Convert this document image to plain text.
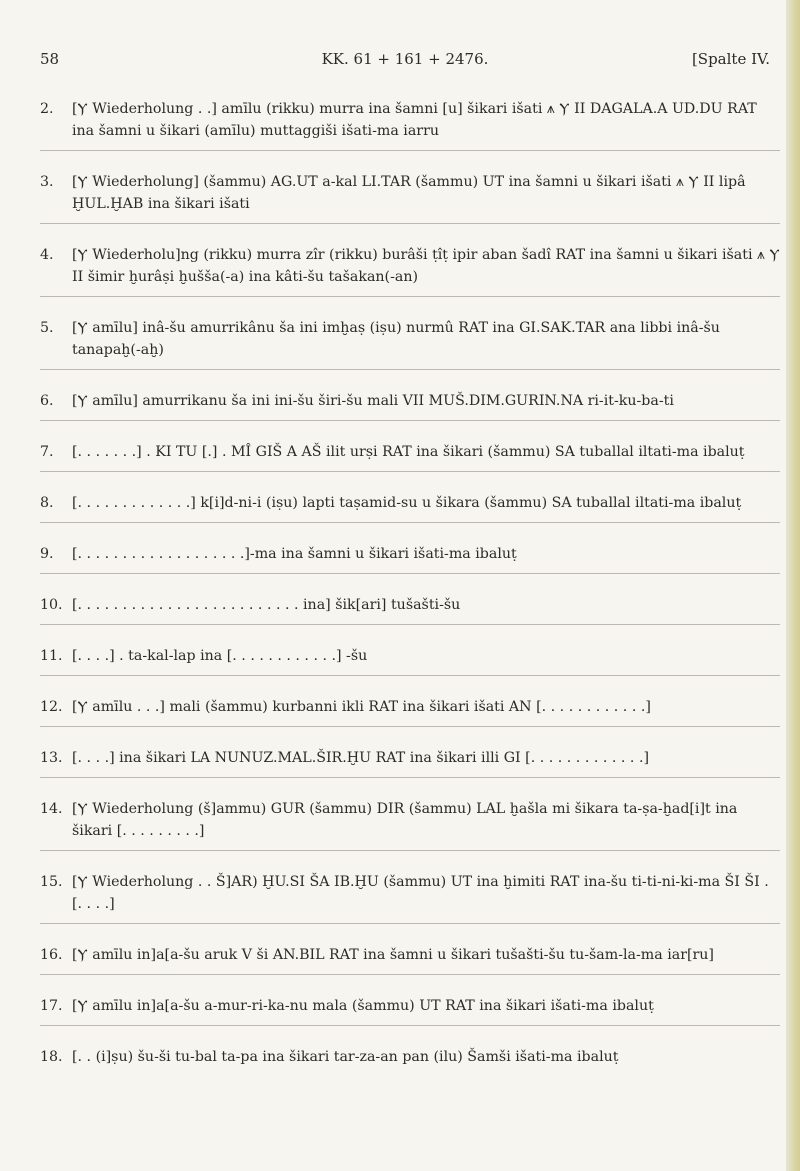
58	KK. 61 + 161 + 2476.	[Spalte IV.
2.	[Ⲩ Wiederholung . .] amīlu (rikku) murra ina šamni [u] šikari išati ⩚ Ⲩ II DAGALA.A UD.DU RAT ina šamni u šikari (amīlu) muttaggiši išati-ma iarru
3.	[Ⲩ Wiederholung] (šammu) AG.UT a-kal LI.TAR (šammu) UT ina šamni u šikari išati ⩚ Ⲩ II lipâ ḪUL.ḪAB ina šikari išati
4.	[Ⲩ Wiederholu]ng (rikku) murra zîr (rikku) burâši ṭîṭ ipir aban šadî RAT ina šamni u šikari išati ⩚ Ⲩ II šimir ḫurâṣi ḫušša(-a) ina kâti-šu tašakan(-an)
5.	[Ⲩ amīlu] inâ-šu amurrikânu ša ini imḫaṣ (iṣu) nurmû RAT ina GI.SAK.TAR ana libbi inâ-šu tanapaḫ(-aḫ)
6.	[Ⲩ amīlu] amurrikanu ša ini ini-šu širi-šu mali VII MUŠ.DIM.GURIN.NA ri-it-ku-ba-ti
7.	[. . . . . . .] . KI TU [.] . MÎ GIŠ A AŠ ilit urṣi RAT ina šikari (šammu) SA tuballal iltati-ma ibaluṭ
8.	[. . . . . . . . . . . . .] k[i]d-ni-i (iṣu) lapti taṣamid-su u šikara (šammu) SA tuballal iltati-ma ibaluṭ
9.	[. . . . . . . . . . . . . . . . . . .]-ma ina šamni u šikari išati-ma ibaluṭ
10. [. . . . . . . . . . . . . . . . . . . . . . . . . ina] šik[ari] tušašti-šu
11. [. . . .] . ta-kal-lap ina [. . . . . . . . . . . .] -šu
12. [Ⲩ amīlu . . .] mali (šammu) kurbanni ikli RAT ina šikari išati AN [. . . . . . . . . . . .]
13. [. . . .] ina šikari LA NUNUZ.MAL.ŠIR.ḪU RAT ina šikari illi GI [. . . . . . . . . . . . .]
14. [Ⲩ Wiederholung (š]ammu) GUR (šammu) DIR (šammu) LAL ḫašla mi šikara ta-ṣa-ḫad[i]t ina šikari [. . . . . . . . .]
15. [Ⲩ Wiederholung . . Š]AR) ḪU.SI ŠA IB.ḪU (šammu) UT ina ḫimiti RAT ina-šu ti-ti-ni-ki-ma ŠI ŠI . [. . . .]
16. [Ⲩ amīlu in]a[a-šu aruk V ši AN.BIL RAT ina šamni u šikari tušašti-šu tu-šam-la-ma iar[ru]
17. [Ⲩ amīlu in]a[a-šu a-mur-ri-ka-nu mala (šammu) UT RAT ina šikari išati-ma ibaluṭ
18. [. . (i]ṣu) šu-ši tu-bal ta-pa ina šikari tar-za-an pan (ilu) Šamši išati-ma ibaluṭ
